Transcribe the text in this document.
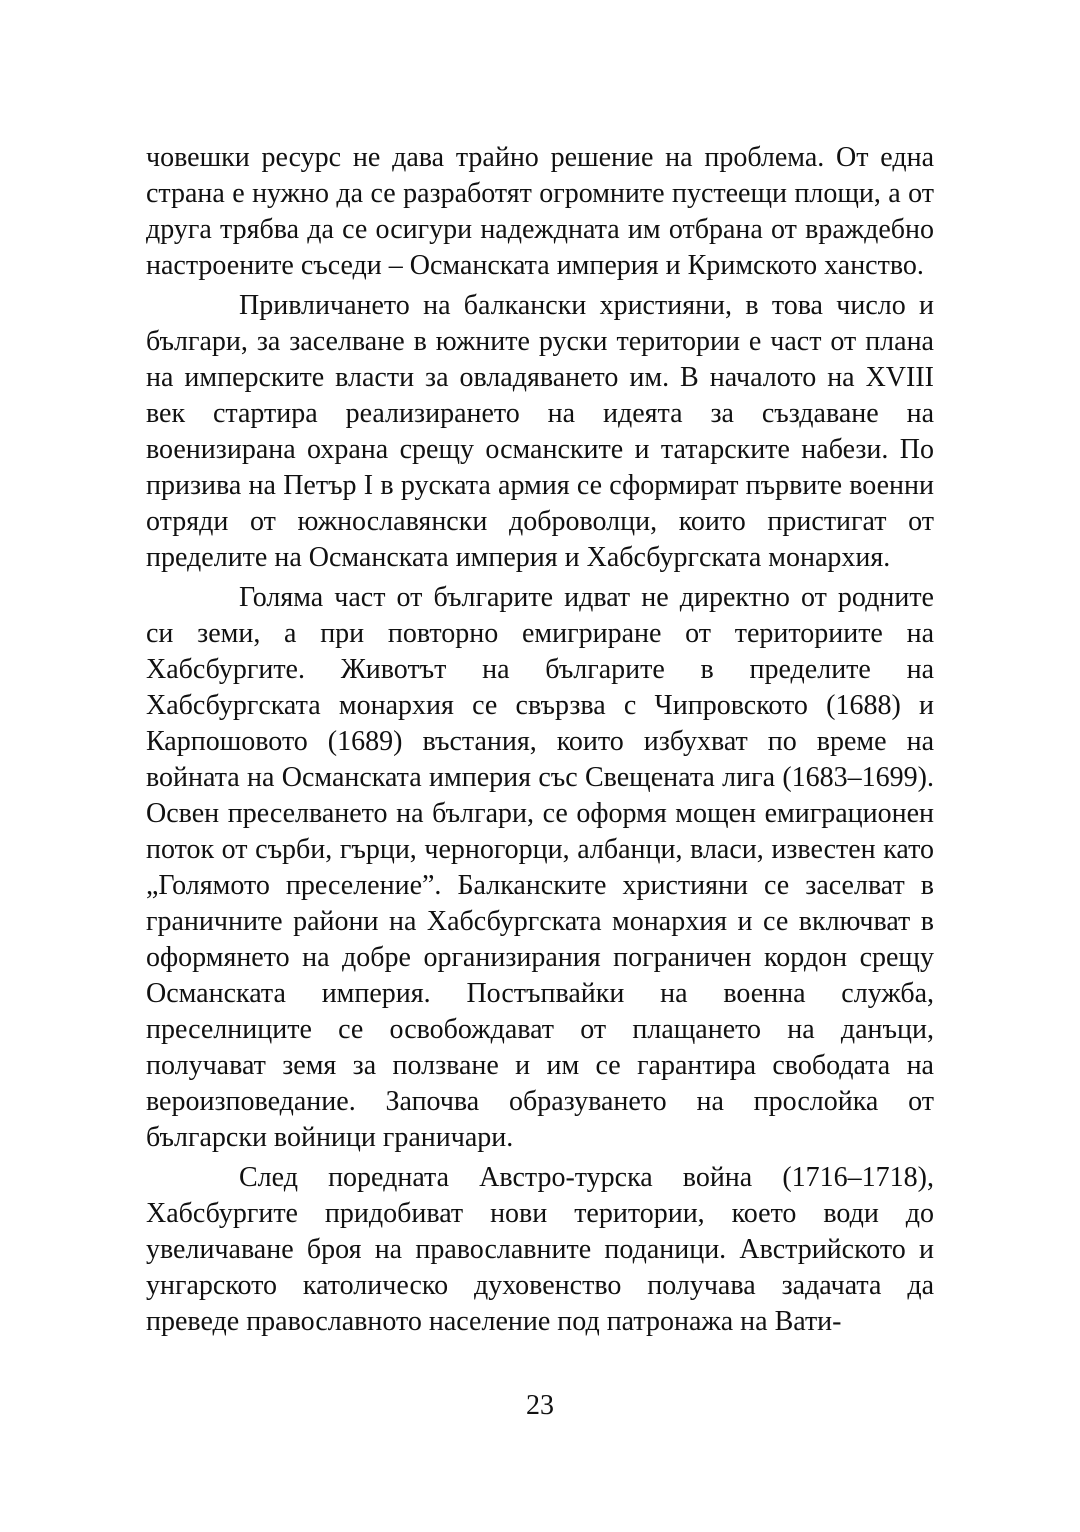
човешки ресурс не дава трайно решение на проблема. От една страна е нужно да се разработят огромните пустеещи площи, а от друга трябва да се осигури надеждната им отбрана от враждебно настроените съседи – Османската империя и Кримското ханство.

Привличането на балкански християни, в това число и българи, за заселване в южните руски територии е част от плана на имперските власти за овладяването им. В началото на XVIII век стартира реализирането на идеята за създаване на военизирана охрана срещу османските и татарските набези. По призива на Петър I в руската армия се сформират първите военни отряди от южнославянски доброволци, които пристигат от пределите на Османската империя и Хабсбургската монархия.

Голяма част от българите идват не директно от родните си земи, а при повторно емигриране от териториите на Хабсбургите. Животът на българите в пределите на Хабсбургската монархия се свързва с Чипровското (1688) и Карпошовото (1689) въстания, които избухват по време на войната на Османската империя със Свещената лига (1683–1699). Освен преселването на българи, се оформя мощен емиграционен поток от сърби, гърци, черногорци, албанци, власи, известен като „Голямото преселение”. Балканските християни се заселват в граничните райони на Хабсбургската монархия и се включват в оформянето на добре организирания пограничен кордон срещу Османската империя. Постъпвайки на военна служба, преселниците се освобождават от плащането на данъци, получават земя за ползване и им се гарантира свободата на вероизповедание. Започва образуването на прослойка от български войници граничари.

След поредната Австро-турска война (1716–1718), Хабсбургите придобиват нови територии, което води до увеличаване броя на православните поданици. Австрийското и унгарското католическо духовенство получава задачата да преведе православното население под патронажа на Вати-

23
